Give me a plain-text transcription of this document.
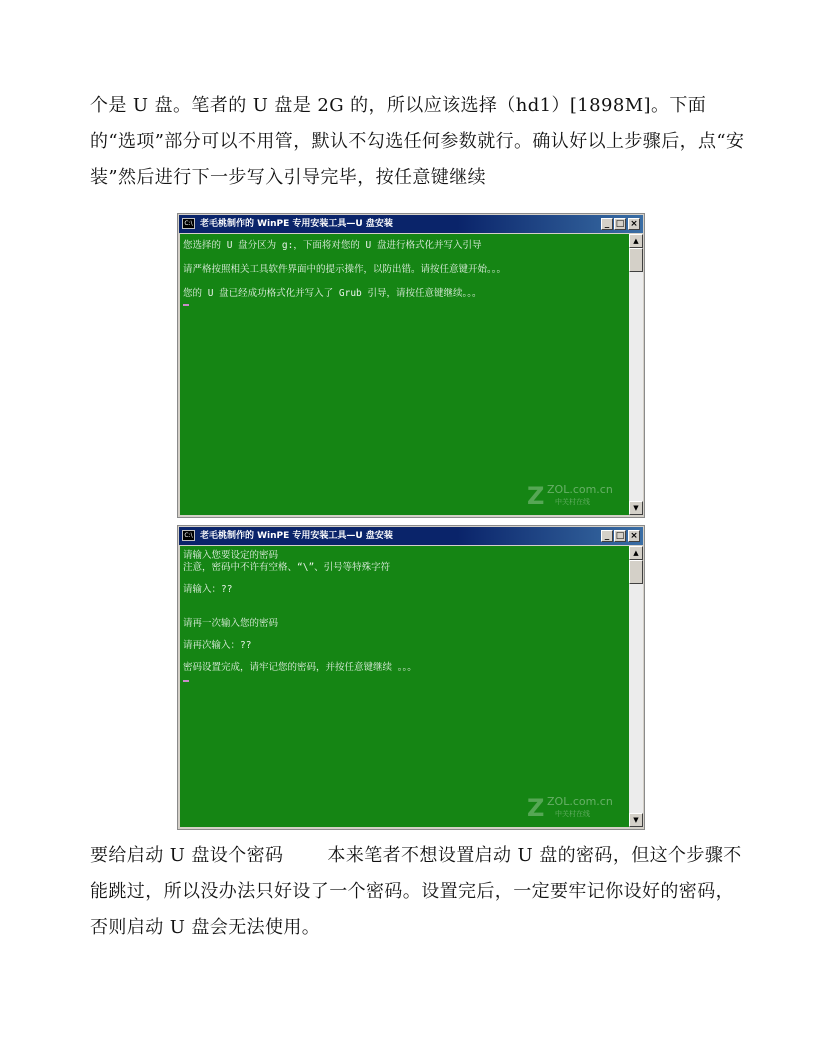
个是 U 盘。笔者的 U 盘是 2G 的，所以应该选择（hd1）[1898M]。下面的“选项”部分可以不用管，默认不勾选任何参数就行。确认好以上步骤后，点“安装”然后进行下一步写入引导完毕，按任意键继续

C:\ 老毛桃制作的 WinPE 专用安装工具—U 盘安装	_ □ ×
您选择的 U 盘分区为 g:，下面将对您的 U 盘进行格式化并写入引导
请严格按照相关工具软件界面中的提示操作，以防出错。请按任意键开始。。。
您的 U 盘已经成功格式化并写入了 Grub 引导，请按任意键继续。。。
Z ZOL.com.cn
中关村在线
▲
▼
C:\ 老毛桃制作的 WinPE 专用安装工具—U 盘安装	_ □ ×
请输入您要设定的密码
注意，密码中不许有空格、“\”、引号等特殊字符
请输入：??
请再一次输入您的密码
请再次输入：??
密码设置完成，请牢记您的密码，并按任意键继续 。。。
Z ZOL.com.cn
中关村在线
▲
▼

要给启动 U 盘设个密码 本来笔者不想设置启动 U 盘的密码，但这个步骤不能跳过，所以没办法只好设了一个密码。设置完后，一定要牢记你设好的密码，否则启动 U 盘会无法使用。
